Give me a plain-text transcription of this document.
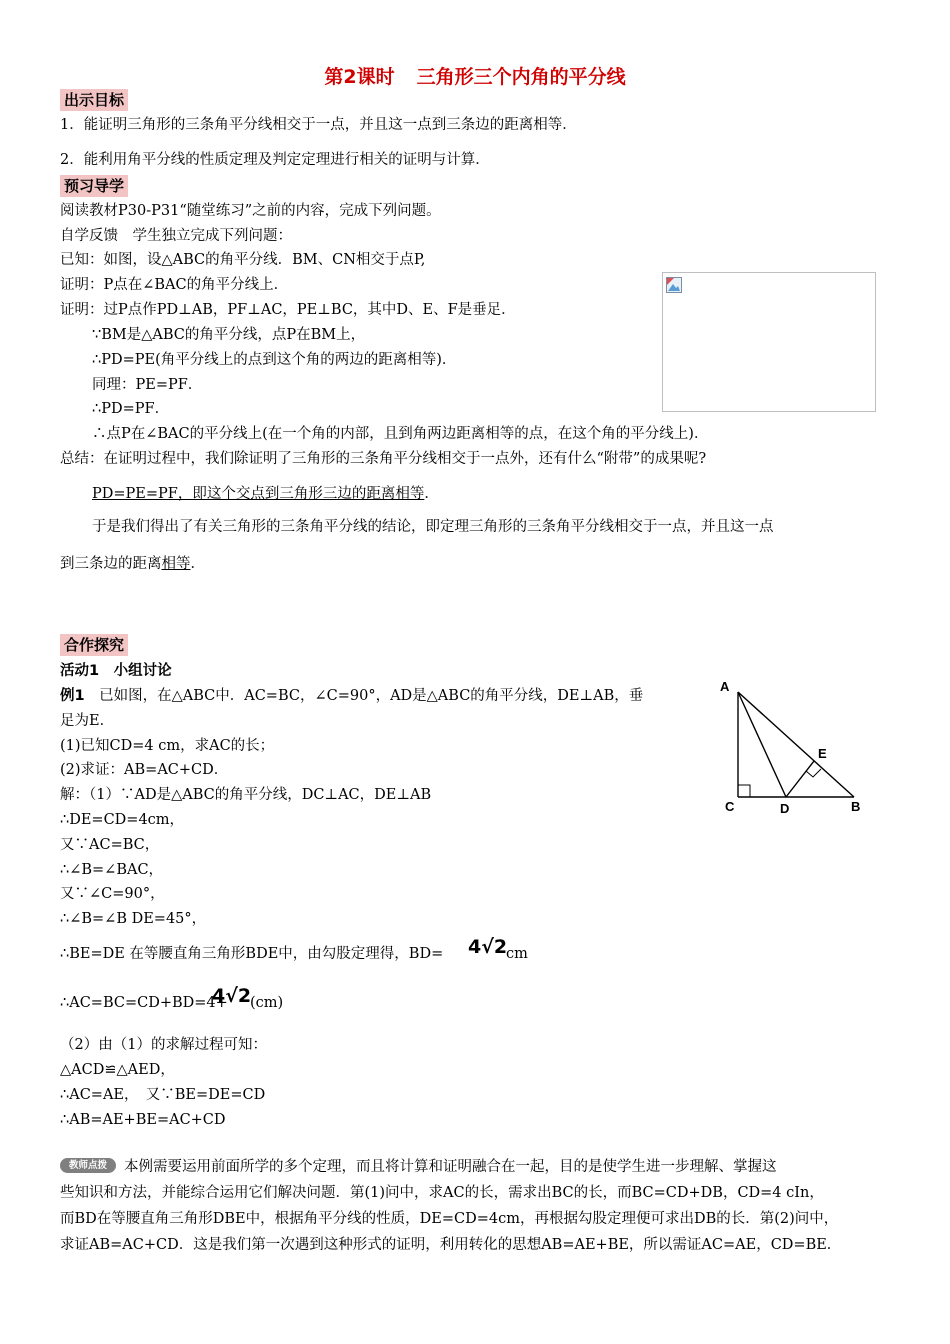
第2课时 三角形三个内角的平分线
出示目标
1．能证明三角形的三条角平分线相交于一点，并且这一点到三条边的距离相等．
2．能利用角平分线的性质定理及判定定理进行相关的证明与计算．
预习导学
阅读教材P30-P31“随堂练习”之前的内容，完成下列问题。
自学反馈　学生独立完成下列问题：
已知：如图，设△ABC的角平分线．BM、CN相交于点P,
证明：P点在∠BAC的角平分线上．
证明：过P点作PD⊥AB，PF⊥AC，PE⊥BC，其中D、E、F是垂足．
∵BM是△ABC的角平分线，点P在BM上，
∴PD=PE(角平分线上的点到这个角的两边的距离相等)．
同理：PE=PF．
∴PD=PF．
∴点P在∠BAC的平分线上(在一个角的内部，且到角两边距离相等的点，在这个角的平分线上)．
总结：在证明过程中，我们除证明了三角形的三条角平分线相交于一点外，还有什么“附带”的成果呢?
PD=PE=PF，即这个交点到三角形三边的距离相等．
于是我们得出了有关三角形的三条角平分线的结论，即定理三角形的三条角平分线相交于一点，并且这一点
到三条边的距离相等．
合作探究
活动1　小组讨论
例1　已如图，在△ABC中．AC=BC，∠C=90°，AD是△ABC的角平分线，DE⊥AB，垂
足为E．
(1)已知CD=4 cm，求AC的长；
(2)求证：AB=AC+CD．
解：（1）∵AD是△ABC的角平分线，DC⊥AC，DE⊥AB
∴DE=CD=4cm，
又∵AC=BC，
∴∠B=∠BAC，
又∵∠C=90°，
∴∠B=∠B DE=45°，
∴BE=DE 在等腰直角三角形BDE中，由勾股定理得，BD= 4√2
cm
∴AC=BC=CD+BD=4+
4√2
(cm)
（2）由（1）的求解过程可知：
△ACD≌△AED，
∴AC=AE，　又∵BE=DE=CD
∴AB=AE+BE=AC+CD
A
E
C	D	B
教师点拨	本例需要运用前面所学的多个定理，而且将计算和证明融合在一起，目的是使学生进一步理解、掌握这
些知识和方法，并能综合运用它们解决问题．第(1)问中，求AC的长，需求出BC的长，而BC=CD+DB，CD=4 cIn，
而BD在等腰直角三角形DBE中，根据角平分线的性质，DE=CD=4cm，再根据勾股定理便可求出DB的长．第(2)问中，
求证AB=AC+CD．这是我们第一次遇到这种形式的证明，利用转化的思想AB=AE+BE，所以需证AC=AE，CD=BE．
